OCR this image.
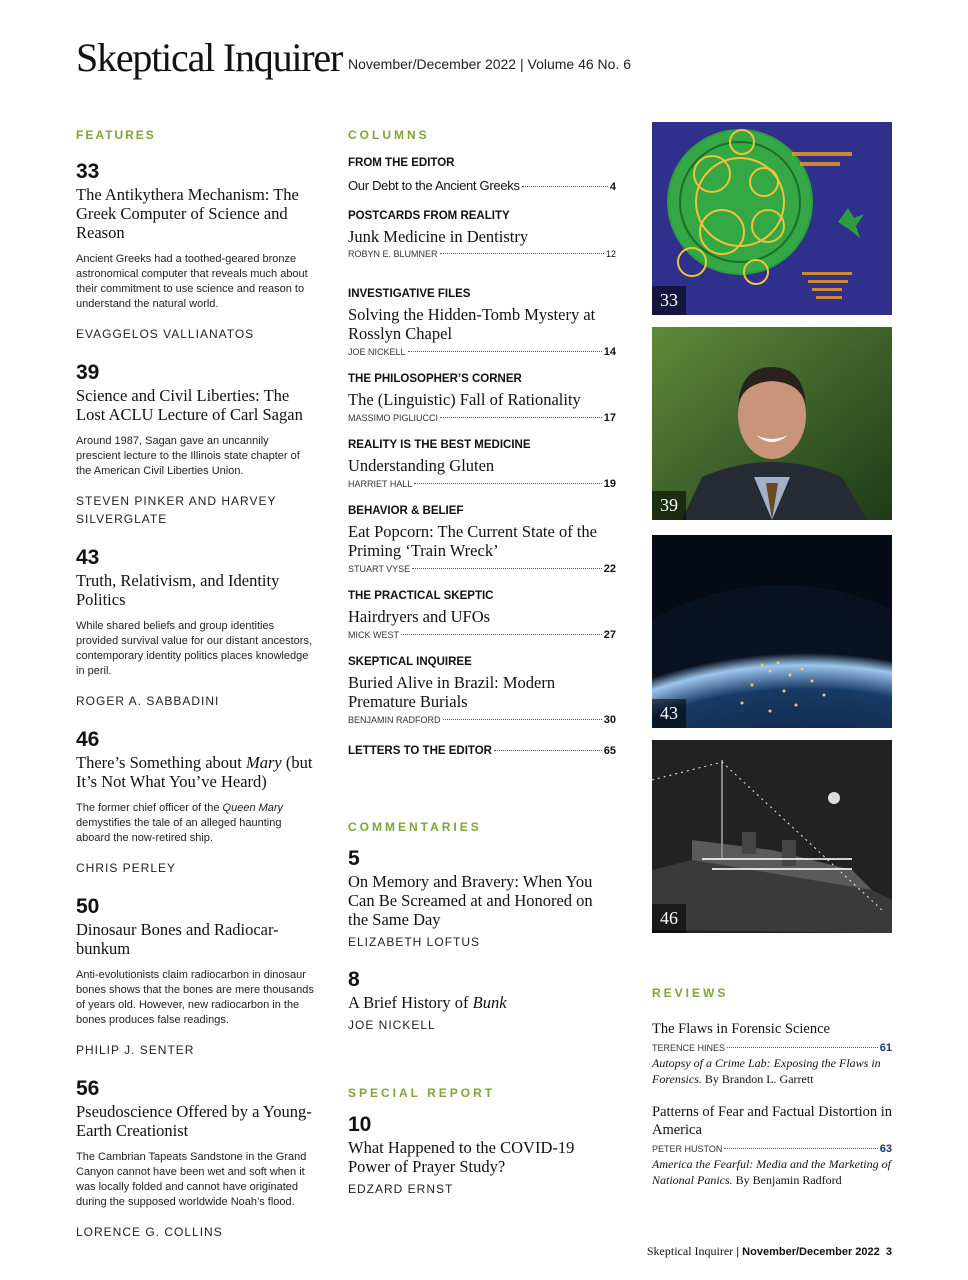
Skeptical Inquirer November/December 2022 | Volume 46 No. 6
FEATURES
33
The Antikythera Mechanism: The Greek Computer of Science and Reason
Ancient Greeks had a toothed-geared bronze astronomical computer that reveals much about their commitment to use science and reason to understand the natural world.
EVAGGELOS VALLIANATOS
39
Science and Civil Liberties: The Lost ACLU Lecture of Carl Sagan
Around 1987, Sagan gave an uncannily prescient lecture to the Illinois state chapter of the American Civil Liberties Union.
STEVEN PINKER AND HARVEY SILVERGLATE
43
Truth, Relativism, and Identity Politics
While shared beliefs and group identities provided survival value for our distant ancestors, contemporary identity politics places knowledge in peril.
ROGER A. SABBADINI
46
There’s Something about Mary (but It’s Not What You’ve Heard)
The former chief officer of the Queen Mary demystifies the tale of an alleged haunting aboard the now-retired ship.
CHRIS PERLEY
50
Dinosaur Bones and Radiocar-bunkum
Anti-evolutionists claim radiocarbon in dinosaur bones shows that the bones are mere thousands of years old. However, new radiocarbon in the bones produces false readings.
PHILIP J. SENTER
56
Pseudoscience Offered by a Young-Earth Creationist
The Cambrian Tapeats Sandstone in the Grand Canyon cannot have been wet and soft when it was locally folded and cannot have originated during the supposed worldwide Noah’s flood.
LORENCE G. COLLINS
COLUMNS
FROM THE EDITOR
Our Debt to the Ancient Greeks	4
POSTCARDS FROM REALITY
Junk Medicine in Dentistry
ROBYN E. BLUMNER	12
INVESTIGATIVE FILES
Solving the Hidden-Tomb Mystery at Rosslyn Chapel
JOE NICKELL	14
THE PHILOSOPHER’S CORNER
The (Linguistic) Fall of Rationality
MASSIMO PIGLIUCCI	17
REALITY IS THE BEST MEDICINE
Understanding Gluten
HARRIET HALL	19
BEHAVIOR & BELIEF
Eat Popcorn: The Current State of the Priming ‘Train Wreck’
STUART VYSE	22
THE PRACTICAL SKEPTIC
Hairdryers and UFOs
MICK WEST	27
SKEPTICAL INQUIREE
Buried Alive in Brazil: Modern Premature Burials
BENJAMIN RADFORD	30
LETTERS TO THE EDITOR	65
COMMENTARIES
5
On Memory and Bravery: When You Can Be Screamed at and Honored on the Same Day
ELIZABETH LOFTUS
8
A Brief History of Bunk
JOE NICKELL
SPECIAL REPORT
10
What Happened to the COVID-19 Power of Prayer Study?
EDZARD ERNST
33
39
43
46
REVIEWS
The Flaws in Forensic Science
TERENCE HINES	61
Autopsy of a Crime Lab: Exposing the Flaws in Forensics. By Brandon L. Garrett
Patterns of Fear and Factual Distortion in America
PETER HUSTON	63
America the Fearful: Media and the Marketing of National Panics. By Benjamin Radford
Skeptical Inquirer | November/December 2022 3
